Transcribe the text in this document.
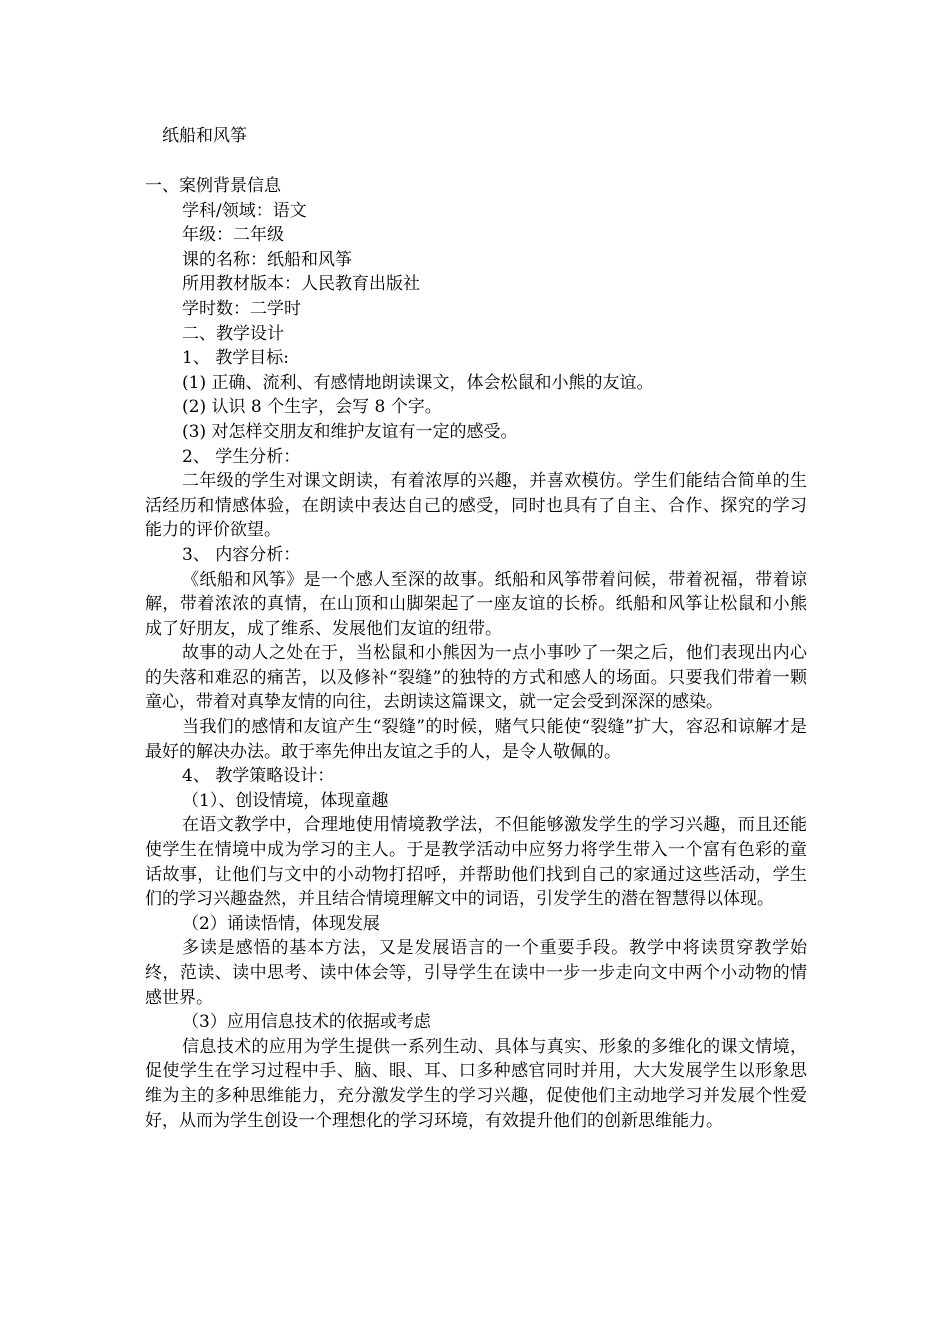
纸船和风筝
一、案例背景信息
学科/领域：语文
年级：二年级
课的名称：纸船和风筝
所用教材版本：人民教育出版社
学时数：二学时
二、教学设计
1、 教学目标:
(1) 正确、流利、有感情地朗读课文，体会松鼠和小熊的友谊。
(2) 认识 8 个生字，会写 8 个字。
(3) 对怎样交朋友和维护友谊有一定的感受。
2、 学生分析：
二年级的学生对课文朗读，有着浓厚的兴趣，并喜欢模仿。学生们能结合简单的生活经历和情感体验，在朗读中表达自己的感受，同时也具有了自主、合作、探究的学习能力的评价欲望。
3、 内容分析：
《纸船和风筝》是一个感人至深的故事。纸船和风筝带着问候，带着祝福，带着谅解，带着浓浓的真情，在山顶和山脚架起了一座友谊的长桥。纸船和风筝让松鼠和小熊成了好朋友，成了维系、发展他们友谊的纽带。
故事的动人之处在于，当松鼠和小熊因为一点小事吵了一架之后，他们表现出内心的失落和难忍的痛苦，以及修补“裂缝”的独特的方式和感人的场面。只要我们带着一颗童心，带着对真挚友情的向往，去朗读这篇课文，就一定会受到深深的感染。
当我们的感情和友谊产生“裂缝”的时候，赌气只能使“裂缝”扩大，容忍和谅解才是最好的解决办法。敢于率先伸出友谊之手的人，是令人敬佩的。
4、 教学策略设计：
（1）、创设情境，体现童趣
在语文教学中，合理地使用情境教学法，不但能够激发学生的学习兴趣，而且还能使学生在情境中成为学习的主人。于是教学活动中应努力将学生带入一个富有色彩的童话故事，让他们与文中的小动物打招呼，并帮助他们找到自己的家通过这些活动，学生们的学习兴趣盎然，并且结合情境理解文中的词语，引发学生的潜在智慧得以体现。
（2）诵读悟情，体现发展
多读是感悟的基本方法，又是发展语言的一个重要手段。教学中将读贯穿教学始终，范读、读中思考、读中体会等，引导学生在读中一步一步走向文中两个小动物的情感世界。
（3）应用信息技术的依据或考虑
信息技术的应用为学生提供一系列生动、具体与真实、形象的多维化的课文情境，促使学生在学习过程中手、脑、眼、耳、口多种感官同时并用，大大发展学生以形象思维为主的多种思维能力，充分激发学生的学习兴趣，促使他们主动地学习并发展个性爱好，从而为学生创设一个理想化的学习环境，有效提升他们的创新思维能力。
